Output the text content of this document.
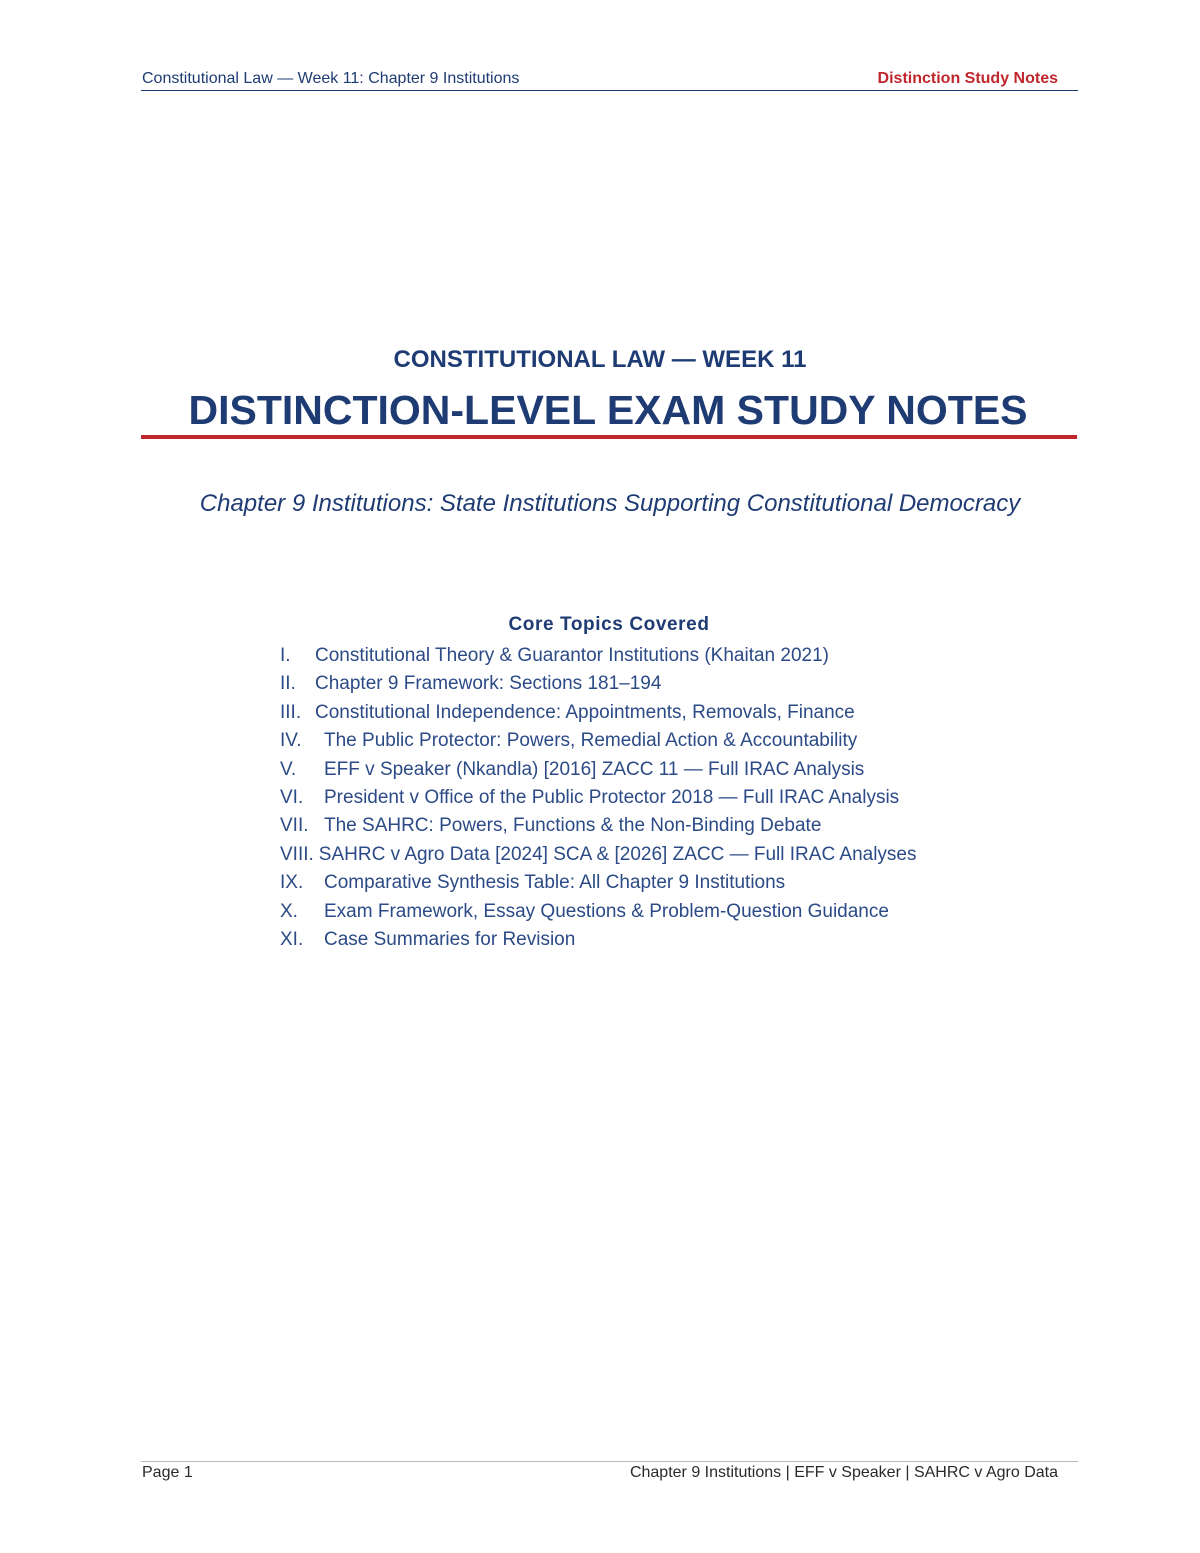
Constitutional Law — Week 11: Chapter 9 Institutions	Distinction Study Notes
CONSTITUTIONAL LAW — WEEK 11
DISTINCTION-LEVEL EXAM STUDY NOTES
Chapter 9 Institutions: State Institutions Supporting Constitutional Democracy
Core Topics Covered
I. Constitutional Theory & Guarantor Institutions (Khaitan 2021)
II. Chapter 9 Framework: Sections 181–194
III. Constitutional Independence: Appointments, Removals, Finance
IV. The Public Protector: Powers, Remedial Action & Accountability
V. EFF v Speaker (Nkandla) [2016] ZACC 11 — Full IRAC Analysis
VI. President v Office of the Public Protector 2018 — Full IRAC Analysis
VII. The SAHRC: Powers, Functions & the Non-Binding Debate
VIII. SAHRC v Agro Data [2024] SCA & [2026] ZACC — Full IRAC Analyses
IX. Comparative Synthesis Table: All Chapter 9 Institutions
X. Exam Framework, Essay Questions & Problem-Question Guidance
XI. Case Summaries for Revision
Page 1	Chapter 9 Institutions | EFF v Speaker | SAHRC v Agro Data
